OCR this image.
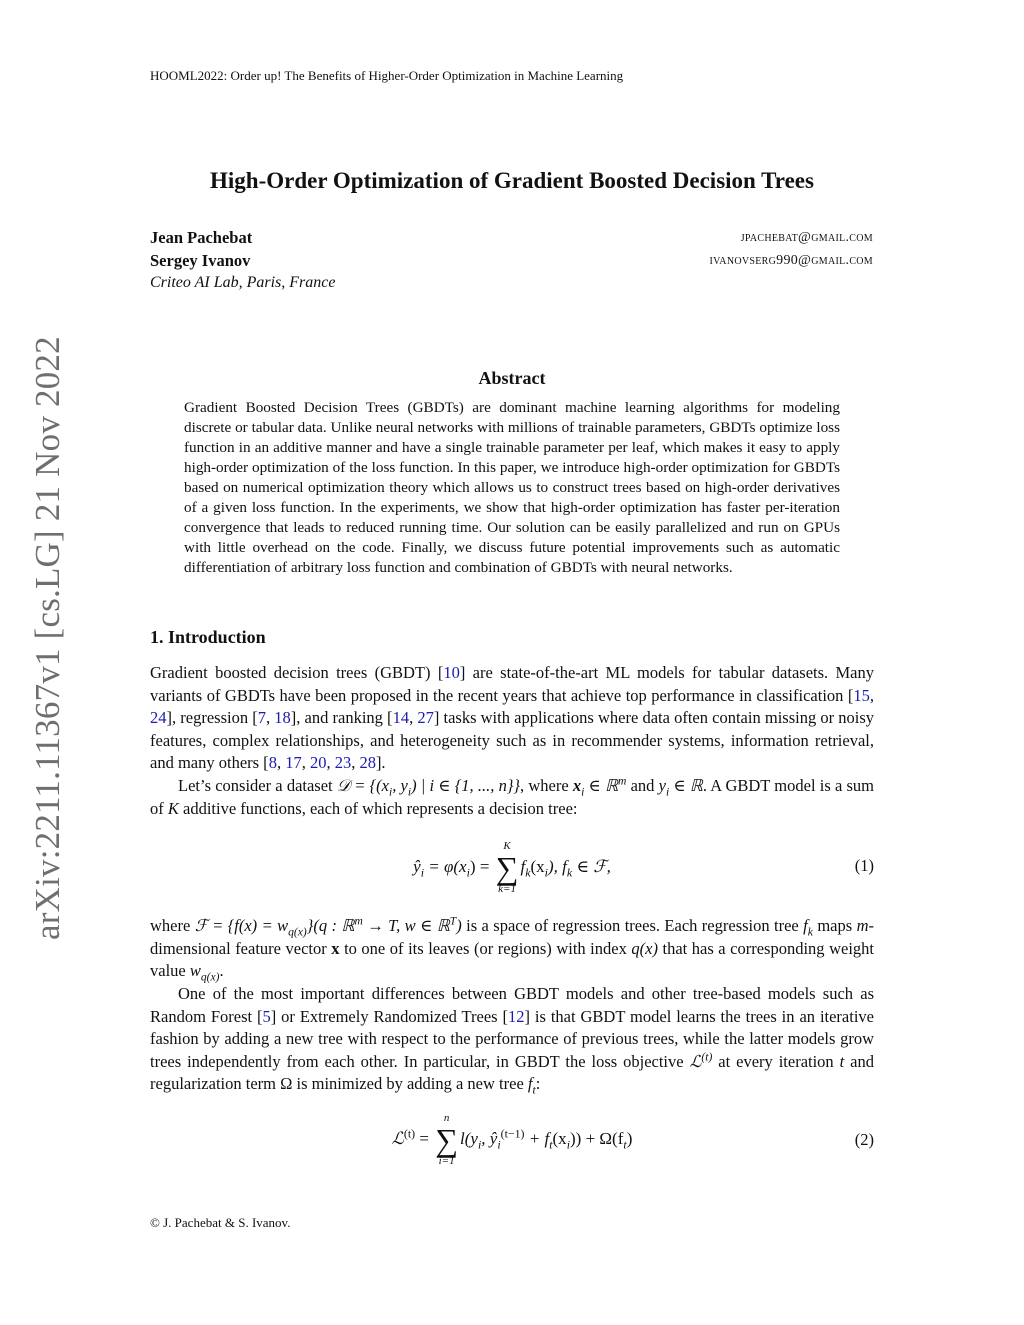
HOOML2022: Order up! The Benefits of Higher-Order Optimization in Machine Learning
arXiv:2211.11367v1 [cs.LG] 21 Nov 2022
High-Order Optimization of Gradient Boosted Decision Trees
Jean Pachebat	jpachebat@gmail.com
Sergey Ivanov	ivanovserg990@gmail.com
Criteo AI Lab, Paris, France
Abstract
Gradient Boosted Decision Trees (GBDTs) are dominant machine learning algorithms for modeling discrete or tabular data. Unlike neural networks with millions of trainable parameters, GBDTs optimize loss function in an additive manner and have a single trainable parameter per leaf, which makes it easy to apply high-order optimization of the loss function. In this paper, we introduce high-order optimization for GBDTs based on numerical optimization theory which allows us to construct trees based on high-order derivatives of a given loss function. In the experiments, we show that high-order optimization has faster per-iteration convergence that leads to reduced running time. Our solution can be easily parallelized and run on GPUs with little overhead on the code. Finally, we discuss future potential improvements such as automatic differentiation of arbitrary loss function and combination of GBDTs with neural networks.
1. Introduction
Gradient boosted decision trees (GBDT) [10] are state-of-the-art ML models for tabular datasets. Many variants of GBDTs have been proposed in the recent years that achieve top performance in classification [15, 24], regression [7, 18], and ranking [14, 27] tasks with applications where data often contain missing or noisy features, complex relationships, and heterogeneity such as in recommender systems, information retrieval, and many others [8, 17, 20, 23, 28].
Let’s consider a dataset 𝒟 = {($x_i$, $y_i$) | i ∈ {1, ..., n}}, where $x_i$ ∈ ℝ$^m$ and $y_i$ ∈ ℝ. A GBDT model is a sum of K additive functions, each of which represents a decision tree:
$ŷ_i = \varphi(x_i)$ =
K
∑
k=1
$f_k(x_i)$, $f_k$ ∈ ℱ,	(1)
where ℱ = $\{f(x) = w_{q(x)}\}(q$ : ℝ$^m$ → T, w ∈ ℝ$^T$) is a space of regression trees. Each regression tree $f_k$ maps m-dimensional feature vector x to one of its leaves (or regions) with index q(x) that has a corresponding weight value $w_{q(x)}$.
One of the most important differences between GBDT models and other tree-based models such as Random Forest [5] or Extremely Randomized Trees [12] is that GBDT model learns the trees in an iterative fashion by adding a new tree with respect to the performance of previous trees, while the latter models grow trees independently from each other. In particular, in GBDT the loss objective ℒ$^{(t)}$ at every iteration t and regularization term Ω is minimized by adding a new tree $f_t$:
ℒ$^{(t)}$ =
n
∑
i=1
$l(y_i$, $ŷ_i^{(t-1)} + f_t(x_i)) + \Omega(f_t)$	(2)
© J. Pachebat & S. Ivanov.
